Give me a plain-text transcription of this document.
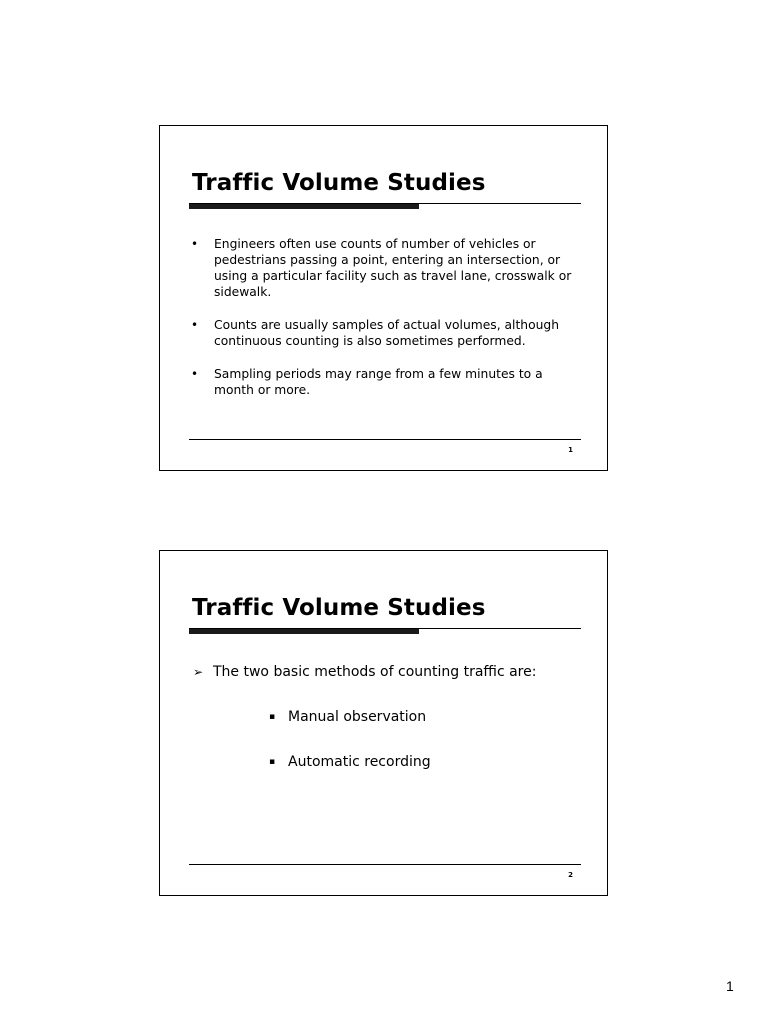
Traffic Volume Studies
• Engineers often use counts of number of vehicles or pedestrians passing a point, entering an intersection, or using a particular facility such as travel lane, crosswalk or sidewalk.
• Counts are usually samples of actual volumes, although continuous counting is also sometimes performed.
• Sampling periods may range from a few minutes to a month or more.
1
Traffic Volume Studies
➢ The two basic methods of counting traffic are:
▪ Manual observation
▪ Automatic recording
2
1
